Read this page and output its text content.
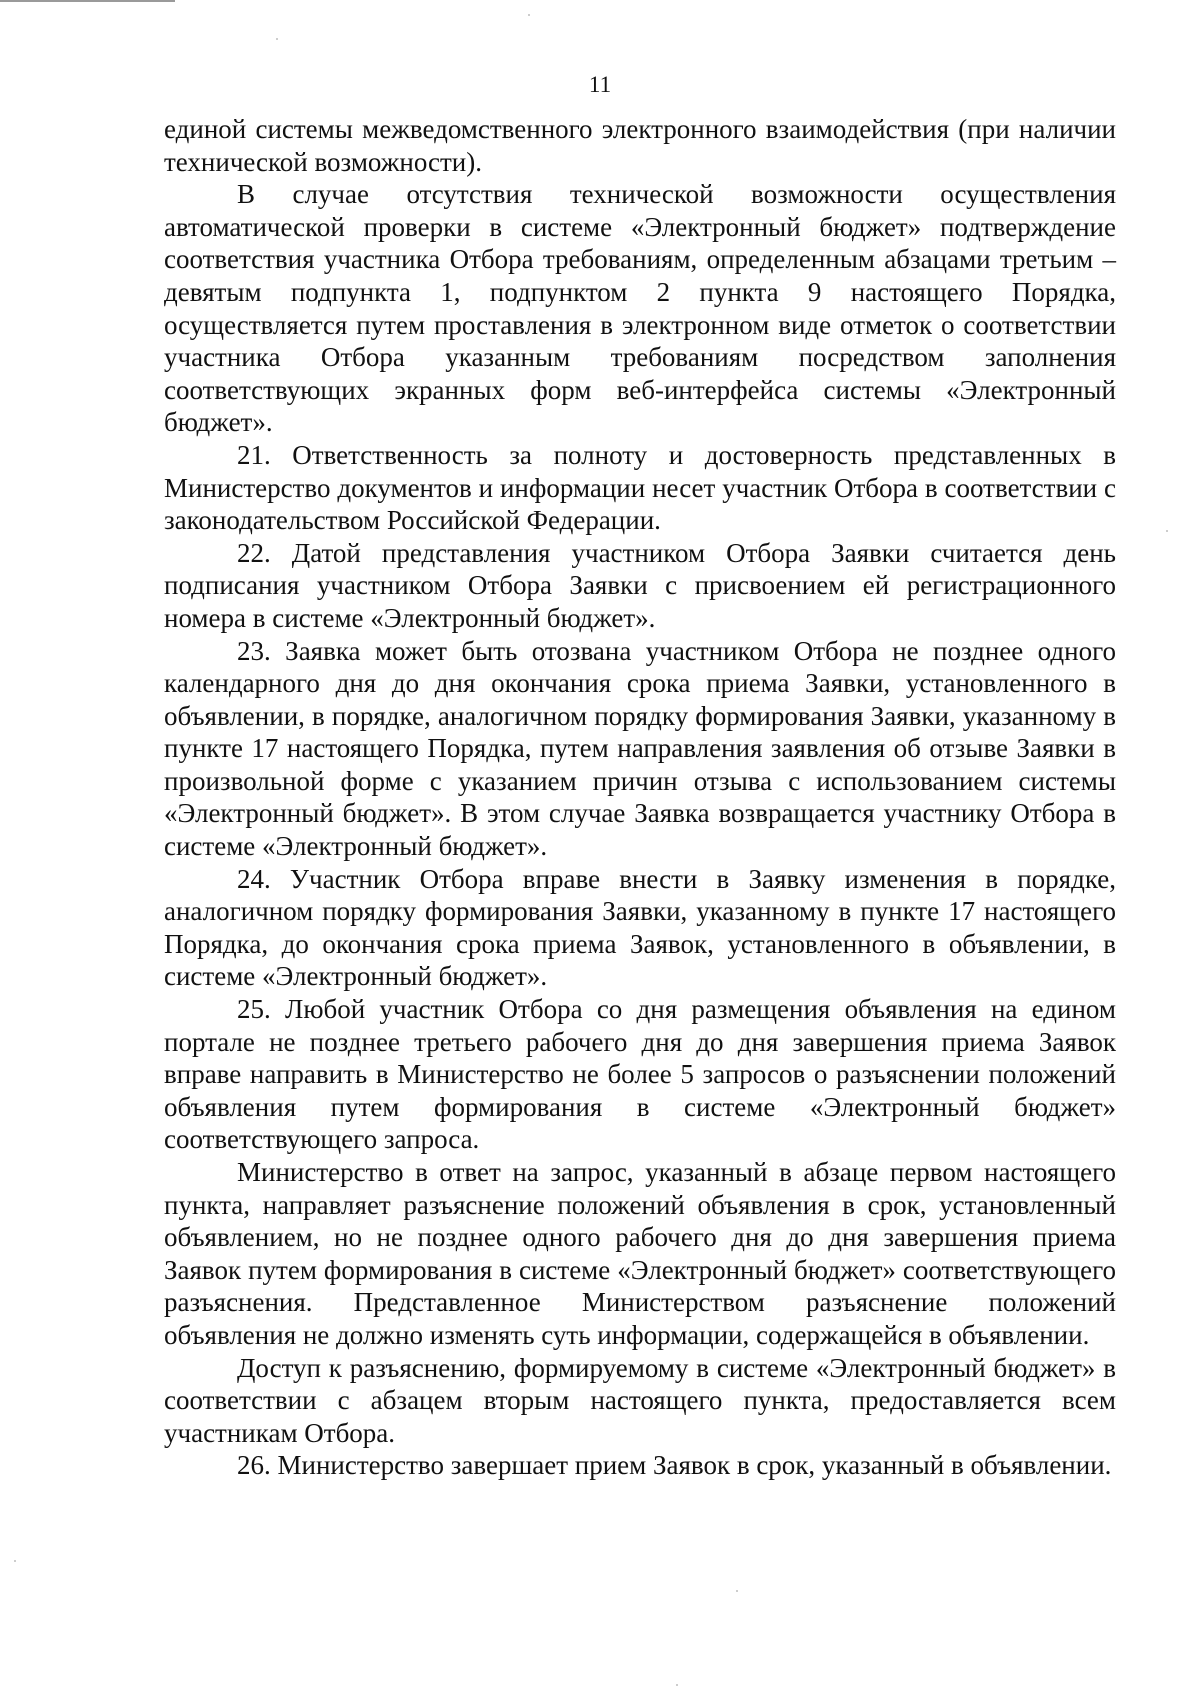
11

единой системы межведомственного электронного взаимодействия (при наличии технической возможности).

В случае отсутствия технической возможности осуществления автоматической проверки в системе «Электронный бюджет» подтверждение соответствия участника Отбора требованиям, определенным абзацами третьим – девятым подпункта 1, подпунктом 2 пункта 9 настоящего Порядка, осуществляется путем проставления в электронном виде отметок о соответствии участника Отбора указанным требованиям посредством заполнения соответствующих экранных форм веб-интерфейса системы «Электронный бюджет».

21. Ответственность за полноту и достоверность представленных в Министерство документов и информации несет участник Отбора в соответствии с законодательством Российской Федерации.

22. Датой представления участником Отбора Заявки считается день подписания участником Отбора Заявки с присвоением ей регистрационного номера в системе «Электронный бюджет».

23. Заявка может быть отозвана участником Отбора не позднее одного календарного дня до дня окончания срока приема Заявки, установленного в объявлении, в порядке, аналогичном порядку формирования Заявки, указанному в пункте 17 настоящего Порядка, путем направления заявления об отзыве Заявки в произвольной форме с указанием причин отзыва с использованием системы «Электронный бюджет». В этом случае Заявка возвращается участнику Отбора в системе «Электронный бюджет».

24. Участник Отбора вправе внести в Заявку изменения в порядке, аналогичном порядку формирования Заявки, указанному в пункте 17 настоящего Порядка, до окончания срока приема Заявок, установленного в объявлении, в системе «Электронный бюджет».

25. Любой участник Отбора со дня размещения объявления на едином портале не позднее третьего рабочего дня до дня завершения приема Заявок вправе направить в Министерство не более 5 запросов о разъяснении положений объявления путем формирования в системе «Электронный бюджет» соответствующего запроса.

Министерство в ответ на запрос, указанный в абзаце первом настоящего пункта, направляет разъяснение положений объявления в срок, установленный объявлением, но не позднее одного рабочего дня до дня завершения приема Заявок путем формирования в системе «Электронный бюджет» соответствующего разъяснения. Представленное Министерством разъяснение положений объявления не должно изменять суть информации, содержащейся в объявлении.

Доступ к разъяснению, формируемому в системе «Электронный бюджет» в соответствии с абзацем вторым настоящего пункта, предоставляется всем участникам Отбора.

26. Министерство завершает прием Заявок в срок, указанный в объявлении.
